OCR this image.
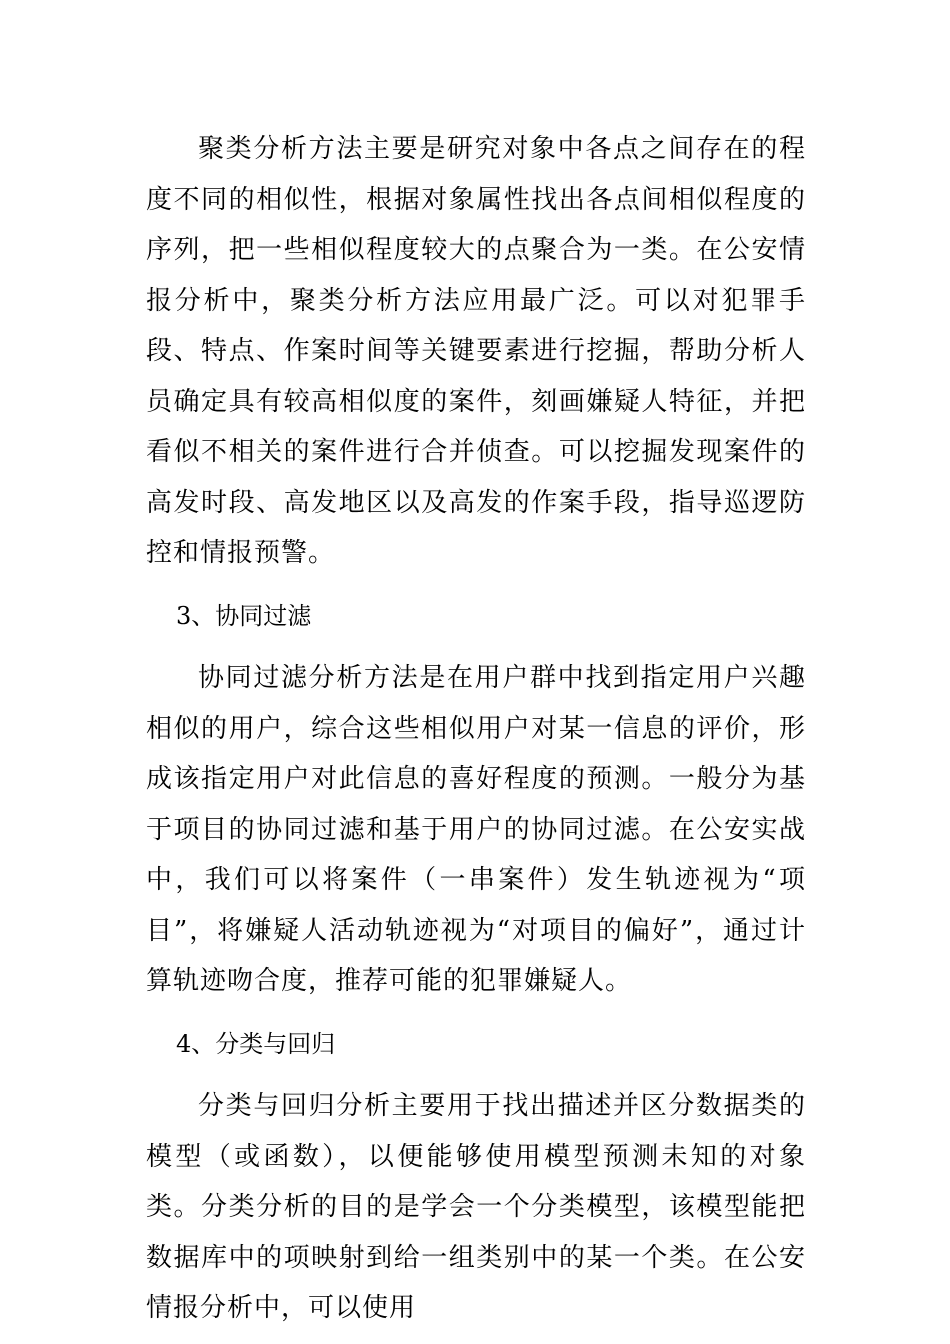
聚类分析方法主要是研究对象中各点之间存在的程度不同的相似性，根据对象属性找出各点间相似程度的序列，把一些相似程度较大的点聚合为一类。在公安情报分析中，聚类分析方法应用最广泛。可以对犯罪手段、特点、作案时间等关键要素进行挖掘，帮助分析人员确定具有较高相似度的案件，刻画嫌疑人特征，并把看似不相关的案件进行合并侦查。可以挖掘发现案件的高发时段、高发地区以及高发的作案手段，指导巡逻防控和情报预警。

3、协同过滤

协同过滤分析方法是在用户群中找到指定用户兴趣相似的用户，综合这些相似用户对某一信息的评价，形成该指定用户对此信息的喜好程度的预测。一般分为基于项目的协同过滤和基于用户的协同过滤。在公安实战中，我们可以将案件（一串案件）发生轨迹视为“项目”，将嫌疑人活动轨迹视为“对项目的偏好”，通过计算轨迹吻合度，推荐可能的犯罪嫌疑人。

4、分类与回归

分类与回归分析主要用于找出描述并区分数据类的模型（或函数），以便能够使用模型预测未知的对象类。分类分析的目的是学会一个分类模型，该模型能把数据库中的项映射到给一组类别中的某一个类。在公安情报分析中，可以使用
